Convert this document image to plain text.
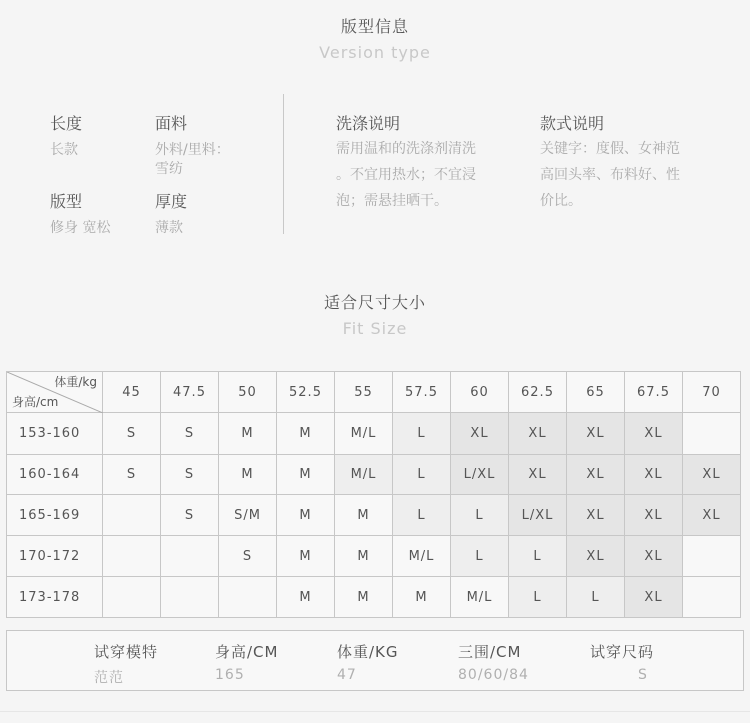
版型信息
Version type
长度
长款
面料
外料/里料：
雪纺
版型
修身 宽松
厚度
薄款
洗涤说明
需用温和的洗涤剂清洗
。不宜用热水；不宜浸
泡；需悬挂晒干。
款式说明
关键字：度假、女神范
高回头率、布料好、性
价比。
适合尺寸大小
Fit Size
体重/kg
身高/cm	45	47.5	50	52.5	55	57.5	60	62.5	65	67.5	70
153-160	S	S	M	M	M/L	L	XL	XL	XL	XL	
160-164	S	S	M	M	M/L	L	L/XL	XL	XL	XL	XL
165-169		S	S/M	M	M	L	L	L/XL	XL	XL	XL
170-172			S	M	M	M/L	L	L	XL	XL	
173-178				M	M	M	M/L	L	L	XL	
试穿模特	身高/CM	体重/KG	三围/CM	试穿尺码
范范	165	47	80/60/84	S
